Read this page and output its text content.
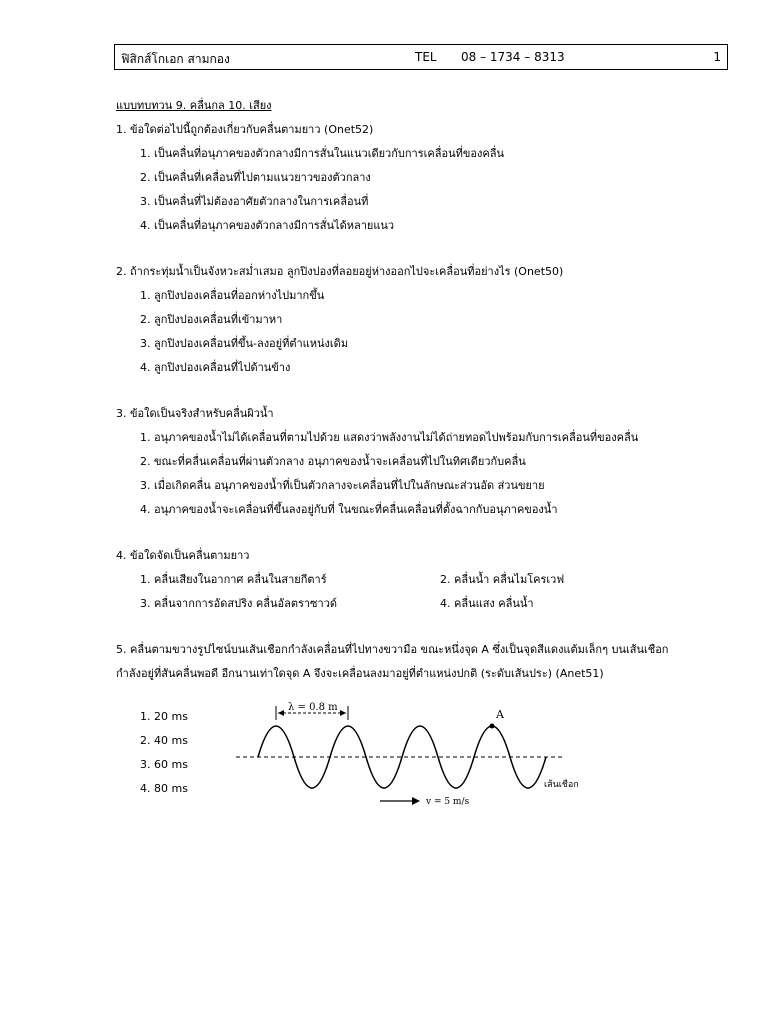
ฟิสิกส์โกเอก สามกอง	TEL 08 – 1734 – 8313	1
แบบทบทวน 9. คลื่นกล 10. เสียง
1. ข้อใดต่อไปนี้ถูกต้องเกี่ยวกับคลื่นตามยาว (Onet52)
1. เป็นคลื่นที่อนุภาคของตัวกลางมีการสั่นในแนวเดียวกับการเคลื่อนที่ของคลื่น
2. เป็นคลื่นที่เคลื่อนที่ไปตามแนวยาวของตัวกลาง
3. เป็นคลื่นที่ไม่ต้องอาศัยตัวกลางในการเคลื่อนที่
4. เป็นคลื่นที่อนุภาคของตัวกลางมีการสั่นได้หลายแนว
2. ถ้ากระทุ่มน้ำเป็นจังหวะสม่ำเสมอ ลูกปิงปองที่ลอยอยู่ห่างออกไปจะเคลื่อนที่อย่างไร (Onet50)
1. ลูกปิงปองเคลื่อนที่ออกห่างไปมากขึ้น
2. ลูกปิงปองเคลื่อนที่เข้ามาหา
3. ลูกปิงปองเคลื่อนที่ขึ้น-ลงอยู่ที่ตำแหน่งเดิม
4. ลูกปิงปองเคลื่อนที่ไปด้านข้าง
3. ข้อใดเป็นจริงสำหรับคลื่นผิวน้ำ
1. อนุภาคของน้ำไม่ได้เคลื่อนที่ตามไปด้วย แสดงว่าพลังงานไม่ได้ถ่ายทอดไปพร้อมกับการเคลื่อนที่ของคลื่น
2. ขณะที่คลื่นเคลื่อนที่ผ่านตัวกลาง อนุภาคของน้ำจะเคลื่อนที่ไปในทิศเดียวกับคลื่น
3. เมื่อเกิดคลื่น อนุภาคของน้ำที่เป็นตัวกลางจะเคลื่อนที่ไปในลักษณะส่วนอัด ส่วนขยาย
4. อนุภาคของน้ำจะเคลื่อนที่ขึ้นลงอยู่กับที่ ในขณะที่คลื่นเคลื่อนที่ตั้งฉากกับอนุภาคของน้ำ
4. ข้อใดจัดเป็นคลื่นตามยาว
1. คลื่นเสียงในอากาศ คลื่นในสายกีตาร์	2. คลื่นน้ำ คลื่นไมโครเวฟ
3. คลื่นจากการอัดสปริง คลื่นอัลตราซาวด์	4. คลื่นแสง คลื่นน้ำ
5. คลื่นตามขวางรูปไซน์บนเส้นเชือกกำลังเคลื่อนที่ไปทางขวามือ ขณะหนึ่งจุด A ซึ่งเป็นจุดสีแดงแต้มเล็กๆ บนเส้นเชือก
กำลังอยู่ที่สันคลื่นพอดี อีกนานเท่าใดจุด A จึงจะเคลื่อนลงมาอยู่ที่ตำแหน่งปกติ (ระดับเส้นประ) (Anet51)
1. 20 ms
2. 40 ms
3. 60 ms
4. 80 ms
λ = 0.8 m
A
เส้นเชือก
v = 5 m/s
